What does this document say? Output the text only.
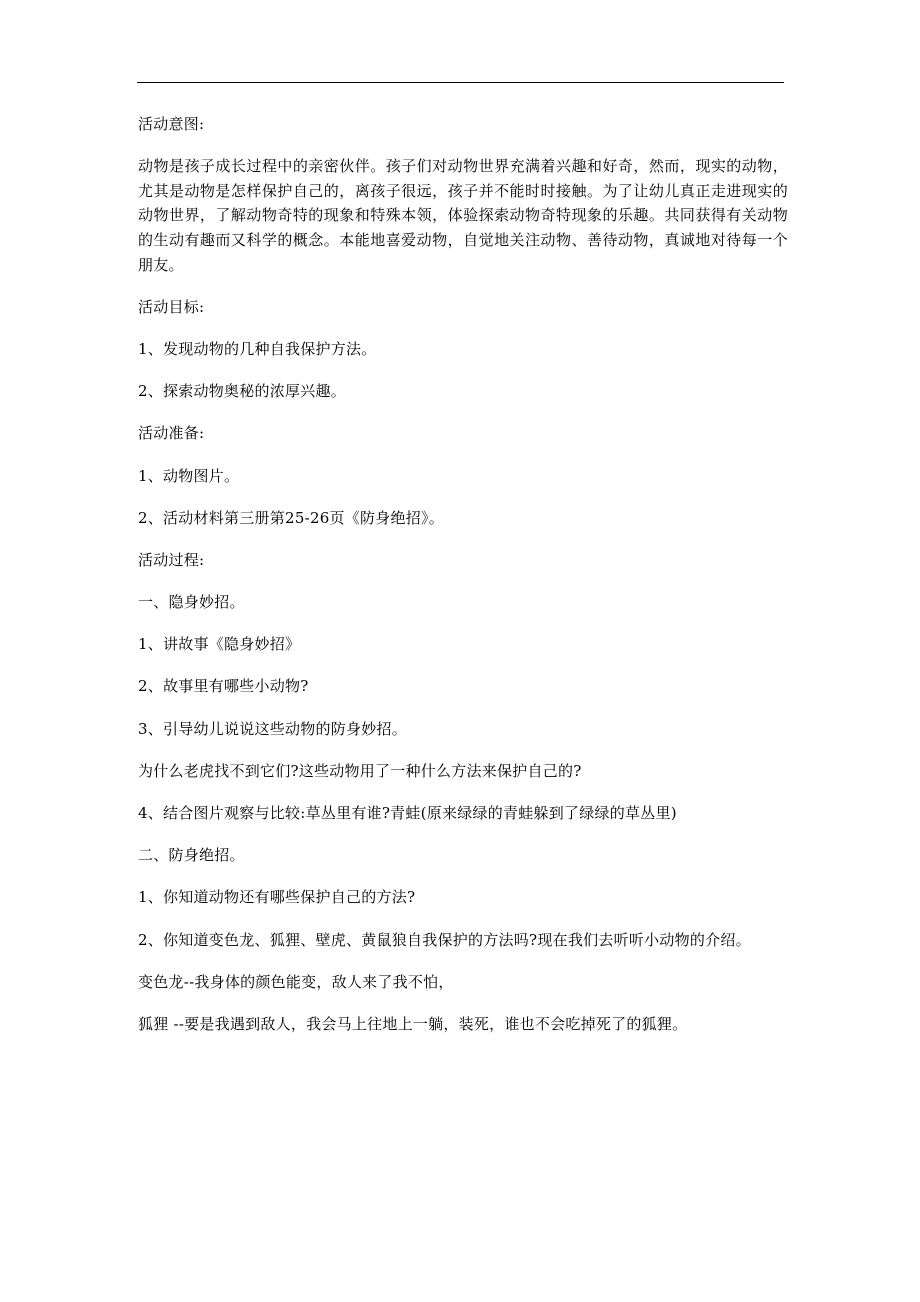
活动意图:

动物是孩子成长过程中的亲密伙伴。孩子们对动物世界充满着兴趣和好奇，然而，现实的动物，尤其是动物是怎样保护自己的，离孩子很远，孩子并不能时时接触。为了让幼儿真正走进现实的动物世界，了解动物奇特的现象和特殊本领，体验探索动物奇特现象的乐趣。共同获得有关动物的生动有趣而又科学的概念。本能地喜爱动物，自觉地关注动物、善待动物，真诚地对待每一个朋友。

活动目标:

1、发现动物的几种自我保护方法。

2、探索动物奥秘的浓厚兴趣。

活动准备:

1、动物图片。

2、活动材料第三册第25-26页《防身绝招》。

活动过程:

一、隐身妙招。

1、讲故事《隐身妙招》

2、故事里有哪些小动物?

3、引导幼儿说说这些动物的防身妙招。

为什么老虎找不到它们?这些动物用了一种什么方法来保护自己的?

4、结合图片观察与比较:草丛里有谁?青蛙(原来绿绿的青蛙躲到了绿绿的草丛里)

二、防身绝招。

1、你知道动物还有哪些保护自己的方法?

2、你知道变色龙、狐狸、壁虎、黄鼠狼自我保护的方法吗?现在我们去听听小动物的介绍。

变色龙--我身体的颜色能变，敌人来了我不怕，

狐狸 --要是我遇到敌人，我会马上往地上一躺，装死，谁也不会吃掉死了的狐狸。
